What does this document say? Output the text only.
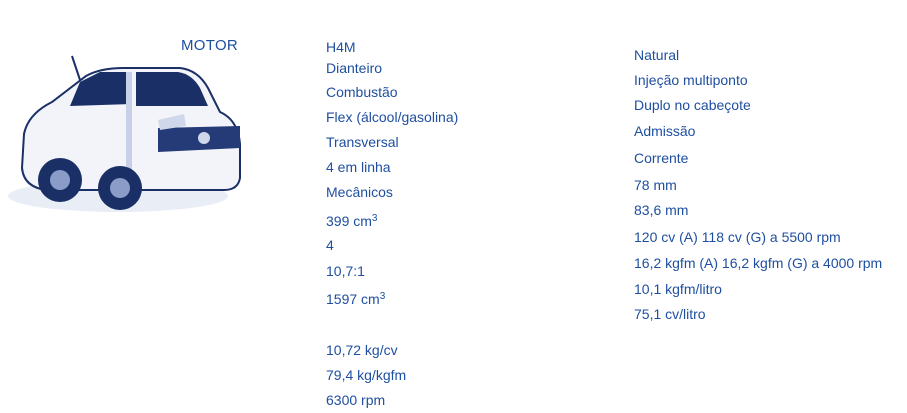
MOTOR	H4M
Dianteiro
Combustão
Flex (álcool/gasolina)
Transversal
4 em linha
Mecânicos
399 $cm^3$
4
10,7:1
1597 $cm^3$
10,72 kg/cv
79,4 kg/kgfm
6300 rpm
Natural
Injeção multiponto
Duplo no cabeçote
Admissão
Corrente
78 mm
83,6 mm
120 cv (A) 118 cv (G) a 5500 rpm
16,2 kgfm (A) 16,2 kgfm (G) a 4000 rpm
10,1 kgfm/litro
75,1 cv/litro
